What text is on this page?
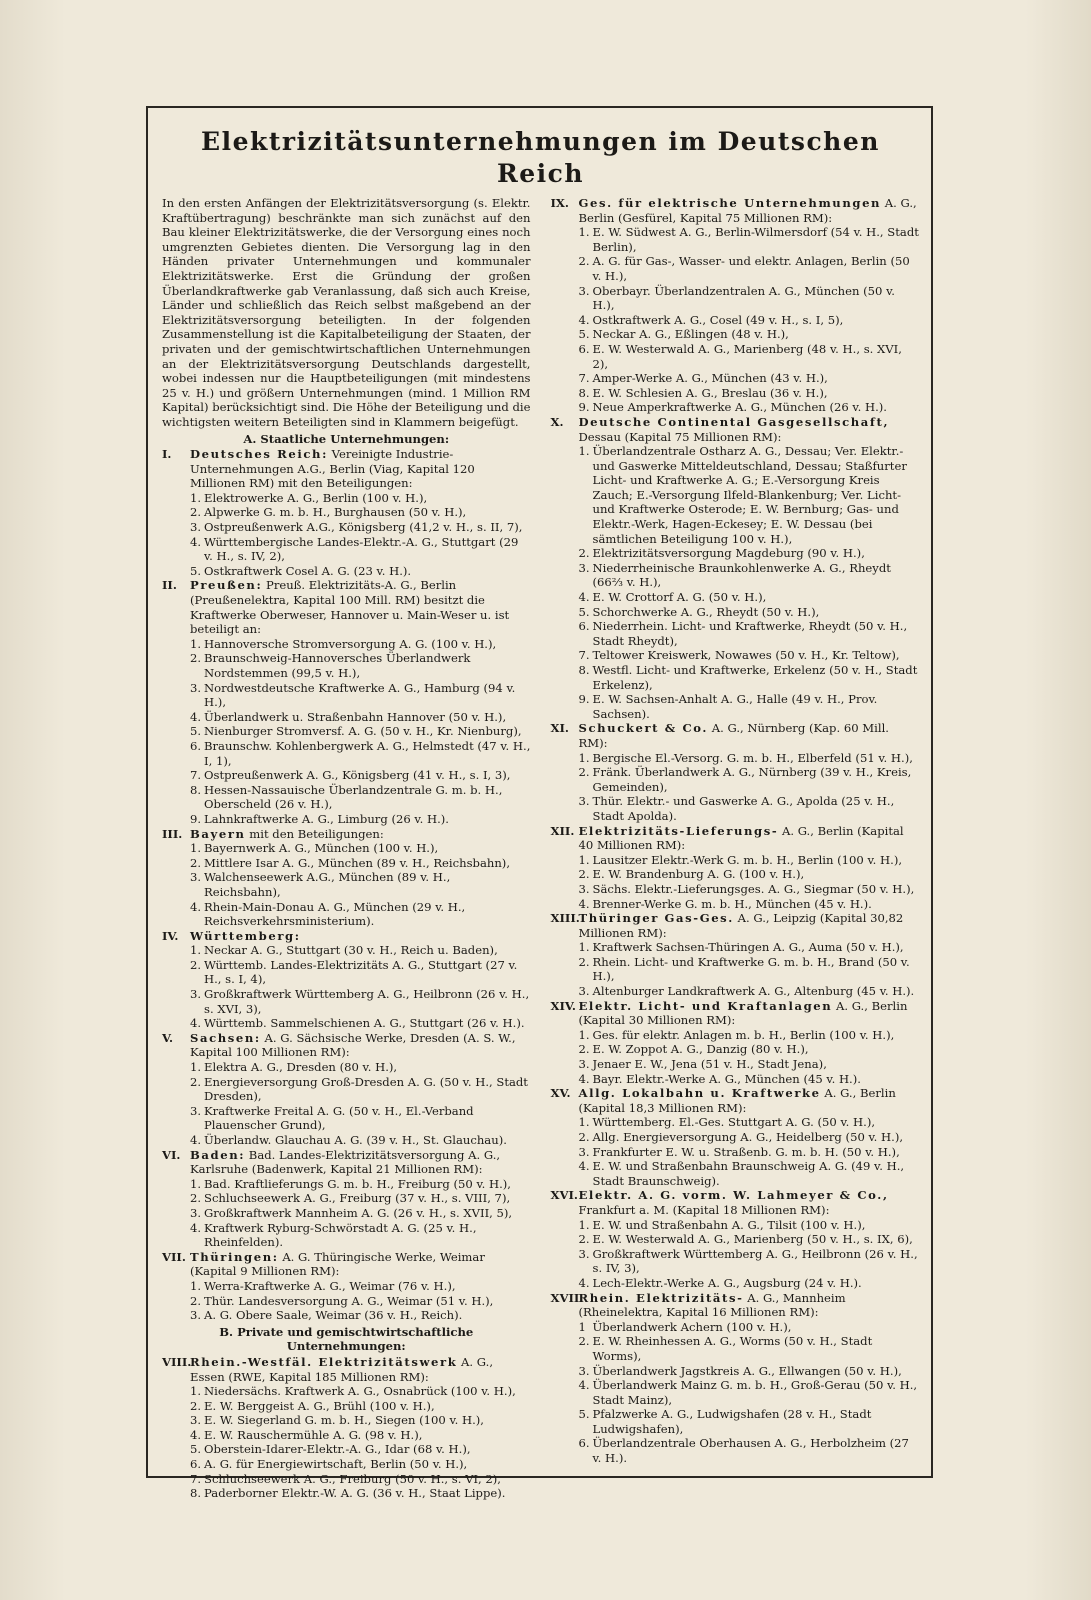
Elektrizitätsunternehmungen im Deutschen Reich

In den ersten Anfängen der Elektrizitätsversorgung (s. Elektr. Kraftübertragung) beschränkte man sich zunächst auf den Bau kleiner Elektrizitätswerke, die der Versorgung eines noch umgrenzten Gebietes dienten. Die Versorgung lag in den Händen privater Unternehmungen und kommunaler Elektrizitätswerke. Erst die Gründung der großen Überlandkraftwerke gab Veranlassung, daß sich auch Kreise, Länder und schließlich das Reich selbst maßgebend an der Elektrizitätsversorgung beteiligten. In der folgenden Zusammenstellung ist die Kapitalbeteiligung der Staaten, der privaten und der gemischtwirtschaftlichen Unternehmungen an der Elektrizitätsversorgung Deutschlands dargestellt, wobei indessen nur die Hauptbeteiligungen (mit mindestens 25 v. H.) und größern Unternehmungen (mind. 1 Million RM Kapital) berücksichtigt sind. Die Höhe der Beteiligung und die wichtigsten weitern Beteiligten sind in Klammern beigefügt.

A. Staatliche Unternehmungen:
I.	Deutsches Reich: Vereinigte Industrie-Unternehmungen A.G., Berlin (Viag, Kapital 120 Millionen RM) mit den Beteiligungen:
1. Elektrowerke A. G., Berlin (100 v. H.),
2. Alpwerke G. m. b. H., Burghausen (50 v. H.),
3. Ostpreußenwerk A.G., Königsberg (41,2 v. H., s. II, 7),
4. Württembergische Landes-Elektr.-A. G., Stuttgart (29 v. H., s. IV, 2),
5. Ostkraftwerk Cosel A. G. (23 v. H.).
II.	Preußen: Preuß. Elektrizitäts-A. G., Berlin (Preußenelektra, Kapital 100 Mill. RM) besitzt die Kraftwerke Oberweser, Hannover u. Main-Weser u. ist beteiligt an:
1. Hannoversche Stromversorgung A. G. (100 v. H.),
2. Braunschweig-Hannoversches Überlandwerk Nordstemmen (99,5 v. H.),
3. Nordwestdeutsche Kraftwerke A. G., Hamburg (94 v. H.),
4. Überlandwerk u. Straßenbahn Hannover (50 v. H.),
5. Nienburger Stromversf. A. G. (50 v. H., Kr. Nienburg),
6. Braunschw. Kohlenbergwerk A. G., Helmstedt (47 v. H., I, 1),
7. Ostpreußenwerk A. G., Königsberg (41 v. H., s. I, 3),
8. Hessen-Nassauische Überlandzentrale G. m. b. H., Oberscheld (26 v. H.),
9. Lahnkraftwerke A. G., Limburg (26 v. H.).
III. Bayern mit den Beteiligungen:
1. Bayernwerk A. G., München (100 v. H.),
2. Mittlere Isar A. G., München (89 v. H., Reichsbahn),
3. Walchenseewerk A.G., München (89 v. H., Reichsbahn),
4. Rhein-Main-Donau A. G., München (29 v. H., Reichsverkehrsministerium).
IV. Württemberg:
1. Neckar A. G., Stuttgart (30 v. H., Reich u. Baden),
2. Württemb. Landes-Elektrizitäts A. G., Stuttgart (27 v. H., s. I, 4),
3. Großkraftwerk Württemberg A. G., Heilbronn (26 v. H., s. XVI, 3),
4. Württemb. Sammelschienen A. G., Stuttgart (26 v. H.).
V.	Sachsen: A. G. Sächsische Werke, Dresden (A. S. W., Kapital 100 Millionen RM):
1. Elektra A. G., Dresden (80 v. H.),
2. Energieversorgung Groß-Dresden A. G. (50 v. H., Stadt Dresden),
3. Kraftwerke Freital A. G. (50 v. H., El.-Verband Plauenscher Grund),
4. Überlandw. Glauchau A. G. (39 v. H., St. Glauchau).
VI. Baden: Bad. Landes-Elektrizitätsversorgung A. G., Karlsruhe (Badenwerk, Kapital 21 Millionen RM):
1. Bad. Kraftlieferungs G. m. b. H., Freiburg (50 v. H.),
2. Schluchseewerk A. G., Freiburg (37 v. H., s. VIII, 7),
3. Großkraftwerk Mannheim A. G. (26 v. H., s. XVII, 5),
4. Kraftwerk Ryburg-Schwörstadt A. G. (25 v. H., Rheinfelden).
VII. Thüringen: A. G. Thüringische Werke, Weimar (Kapital 9 Millionen RM):
1. Werra-Kraftwerke A. G., Weimar (76 v. H.),
2. Thür. Landesversorgung A. G., Weimar (51 v. H.),
3. A. G. Obere Saale, Weimar (36 v. H., Reich).
B. Private und gemischtwirtschaftliche Unternehmungen:
VIII.
Rhein.-Westfäl. Elektrizitätswerk A. G., Essen (RWE, Kapital 185 Millionen RM):
1. Niedersächs. Kraftwerk A. G., Osnabrück (100 v. H.),
2. E. W. Berggeist A. G., Brühl (100 v. H.),
3. E. W. Siegerland G. m. b. H., Siegen (100 v. H.),
4. E. W. Rauschermühle A. G. (98 v. H.),
5. Oberstein-Idarer-Elektr.-A. G., Idar (68 v. H.),
6. A. G. für Energiewirtschaft, Berlin (50 v. H.),
7. Schluchseewerk A. G., Freiburg (50 v. H., s. VI, 2),
8. Paderborner Elektr.-W. A. G. (36 v. H., Staat Lippe).
IX. Ges. für elektrische Unternehmungen A. G., Berlin (Gesfürel, Kapital 75 Millionen RM):
1. E. W. Südwest A. G., Berlin-Wilmersdorf (54 v. H., Stadt Berlin),
2. A. G. für Gas-, Wasser- und elektr. Anlagen, Berlin (50 v. H.),
3. Oberbayr. Überlandzentralen A. G., München (50 v. H.),
4. Ostkraftwerk A. G., Cosel (49 v. H., s. I, 5),
5. Neckar A. G., Eßlingen (48 v. H.),
6. E. W. Westerwald A. G., Marienberg (48 v. H., s. XVI, 2),
7. Amper-Werke A. G., München (43 v. H.),
8. E. W. Schlesien A. G., Breslau (36 v. H.),
9. Neue Amperkraftwerke A. G., München (26 v. H.).
X.	Deutsche Continental Gasgesellschaft, Dessau (Kapital 75 Millionen RM):
1. Überlandzentrale Ostharz A. G., Dessau; Ver. Elektr.- und Gaswerke Mitteldeutschland, Dessau; Staßfurter Licht- und Kraftwerke A. G.; E.-Versorgung Kreis Zauch; E.-Versorgung Ilfeld-Blankenburg; Ver. Licht- und Kraftwerke Osterode; E. W. Bernburg; Gas- und Elektr.-Werk, Hagen-Eckesey; E. W. Dessau (bei sämtlichen Beteiligung 100 v. H.),
2. Elektrizitätsversorgung Magdeburg (90 v. H.),
3. Niederrheinische Braunkohlenwerke A. G., Rheydt (66⅔ v. H.),
4. E. W. Crottorf A. G. (50 v. H.),
5. Schorchwerke A. G., Rheydt (50 v. H.),
6. Niederrhein. Licht- und Kraftwerke, Rheydt (50 v. H., Stadt Rheydt),
7. Teltower Kreiswerk, Nowawes (50 v. H., Kr. Teltow),
8. Westfl. Licht- und Kraftwerke, Erkelenz (50 v. H., Stadt Erkelenz),
9. E. W. Sachsen-Anhalt A. G., Halle (49 v. H., Prov. Sachsen).
XI. Schuckert & Co. A. G., Nürnberg (Kap. 60 Mill. RM):
1. Bergische El.-Versorg. G. m. b. H., Elberfeld (51 v. H.),
2. Fränk. Überlandwerk A. G., Nürnberg (39 v. H., Kreis, Gemeinden),
3. Thür. Elektr.- und Gaswerke A. G., Apolda (25 v. H., Stadt Apolda).
XII. Elektrizitäts-Lieferungs- A. G., Berlin (Kapital 40 Millionen RM):
1. Lausitzer Elektr.-Werk G. m. b. H., Berlin (100 v. H.),
2. E. W. Brandenburg A. G. (100 v. H.),
3. Sächs. Elektr.-Lieferungsges. A. G., Siegmar (50 v. H.),
4. Brenner-Werke G. m. b. H., München (45 v. H.).
XIII.
Thüringer Gas-Ges. A. G., Leipzig (Kapital 30,82 Millionen RM):
1. Kraftwerk Sachsen-Thüringen A. G., Auma (50 v. H.),
2. Rhein. Licht- und Kraftwerke G. m. b. H., Brand (50 v. H.),
3. Altenburger Landkraftwerk A. G., Altenburg (45 v. H.).
XIV. Elektr. Licht- und Kraftanlagen A. G., Berlin (Kapital 30 Millionen RM):
1. Ges. für elektr. Anlagen m. b. H., Berlin (100 v. H.),
2. E. W. Zoppot A. G., Danzig (80 v. H.),
3. Jenaer E. W., Jena (51 v. H., Stadt Jena),
4. Bayr. Elektr.-Werke A. G., München (45 v. H.).
XV. Allg. Lokalbahn u. Kraftwerke A. G., Berlin (Kapital 18,3 Millionen RM):
1. Württemberg. El.-Ges. Stuttgart A. G. (50 v. H.),
2. Allg. Energieversorgung A. G., Heidelberg (50 v. H.),
3. Frankfurter E. W. u. Straßenb. G. m. b. H. (50 v. H.),
4. E. W. und Straßenbahn Braunschweig A. G. (49 v. H., Stadt Braunschweig).
XVI. Elektr. A. G. vorm. W. Lahmeyer & Co., Frankfurt a. M. (Kapital 18 Millionen RM):
1. E. W. und Straßenbahn A. G., Tilsit (100 v. H.),
2. E. W. Westerwald A. G., Marienberg (50 v. H., s. IX, 6),
3. Großkraftwerk Württemberg A. G., Heilbronn (26 v. H., s. IV, 3),
4. Lech-Elektr.-Werke A. G., Augsburg (24 v. H.).
XVII.
Rhein. Elektrizitäts- A. G., Mannheim (Rheinelektra, Kapital 16 Millionen RM):
1 Überlandwerk Achern (100 v. H.),
2. E. W. Rheinhessen A. G., Worms (50 v. H., Stadt Worms),
3. Überlandwerk Jagstkreis A. G., Ellwangen (50 v. H.),
4. Überlandwerk Mainz G. m. b. H., Groß-Gerau (50 v. H., Stadt Mainz),
5. Pfalzwerke A. G., Ludwigshafen (28 v. H., Stadt Ludwigshafen),
6. Überlandzentrale Oberhausen A. G., Herbolzheim (27 v. H.).
